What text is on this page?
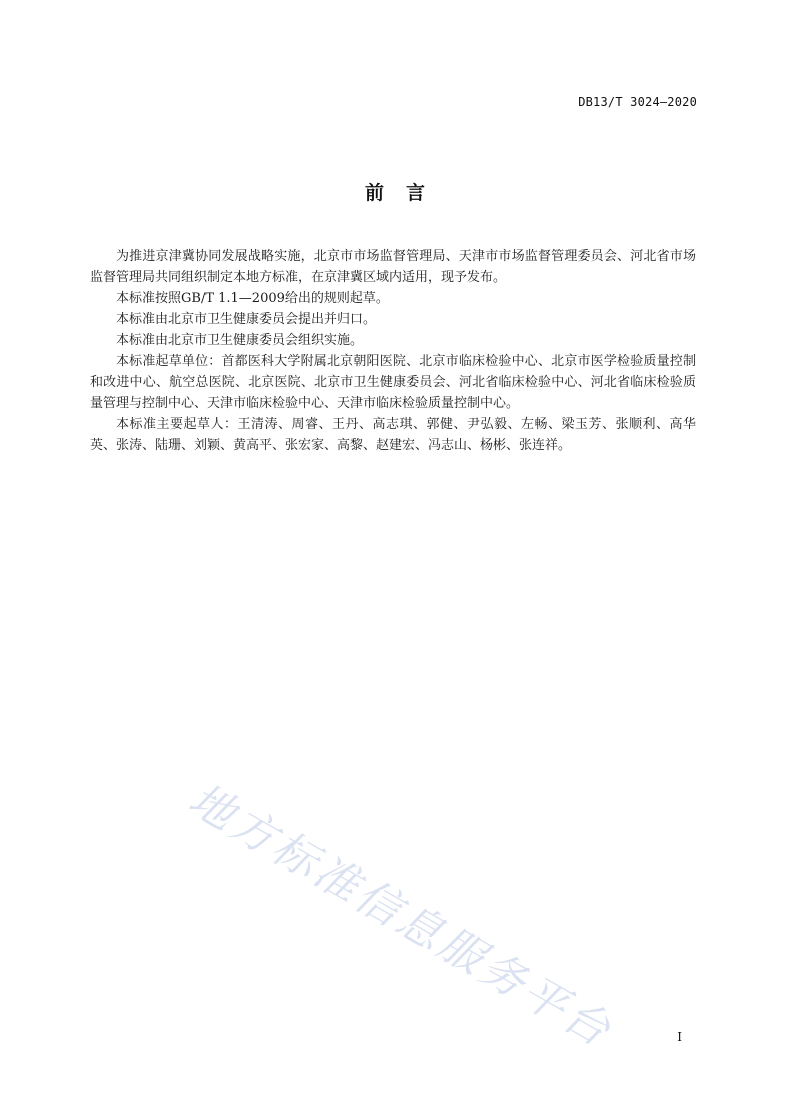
DB13/T 3024—2020
前 言

为推进京津冀协同发展战略实施，北京市市场监督管理局、天津市市场监督管理委员会、河北省市场监督管理局共同组织制定本地方标准，在京津冀区域内适用，现予发布。

本标准按照GB/T 1.1—2009给出的规则起草。

本标准由北京市卫生健康委员会提出并归口。

本标准由北京市卫生健康委员会组织实施。

本标准起草单位：首都医科大学附属北京朝阳医院、北京市临床检验中心、北京市医学检验质量控制和改进中心、航空总医院、北京医院、北京市卫生健康委员会、河北省临床检验中心、河北省临床检验质量管理与控制中心、天津市临床检验中心、天津市临床检验质量控制中心。

本标准主要起草人：王清涛、周睿、王丹、高志琪、郭健、尹弘毅、左畅、梁玉芳、张顺利、高华英、张涛、陆珊、刘颖、黄高平、张宏家、高黎、赵建宏、冯志山、杨彬、张连祥。

地方标准信息服务平台	I
